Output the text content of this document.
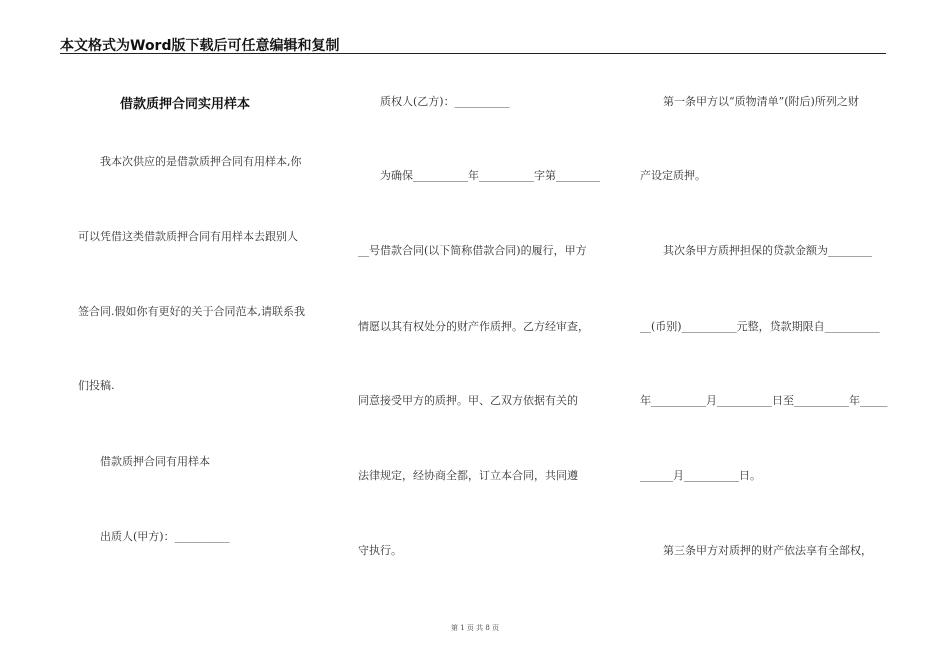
本文格式为Word版下载后可任意编辑和复制
借款质押合同实用样本
我本次供应的是借款质押合同有用样本,你
可以凭借这类借款质押合同有用样本去跟别人
签合同.假如你有更好的关于合同范本,请联系我
们投稿.
借款质押合同有用样本
出质人(甲方)：__________
质权人(乙方)：__________
为确保__________年__________字第________
__号借款合同(以下简称借款合同)的履行，甲方
情愿以其有权处分的财产作质押。乙方经审查，
同意接受甲方的质押。甲、乙双方依据有关的
法律规定，经协商全都，订立本合同，共同遵
守执行。
第一条甲方以“质物清单”(附后)所列之财
产设定质押。
其次条甲方质押担保的贷款金额为________
__(币别)__________元整，贷款期限自__________
年__________月__________日至__________年_____
______月__________日。
第三条甲方对质押的财产依法享有全部权，
第 1 页 共 8 页
